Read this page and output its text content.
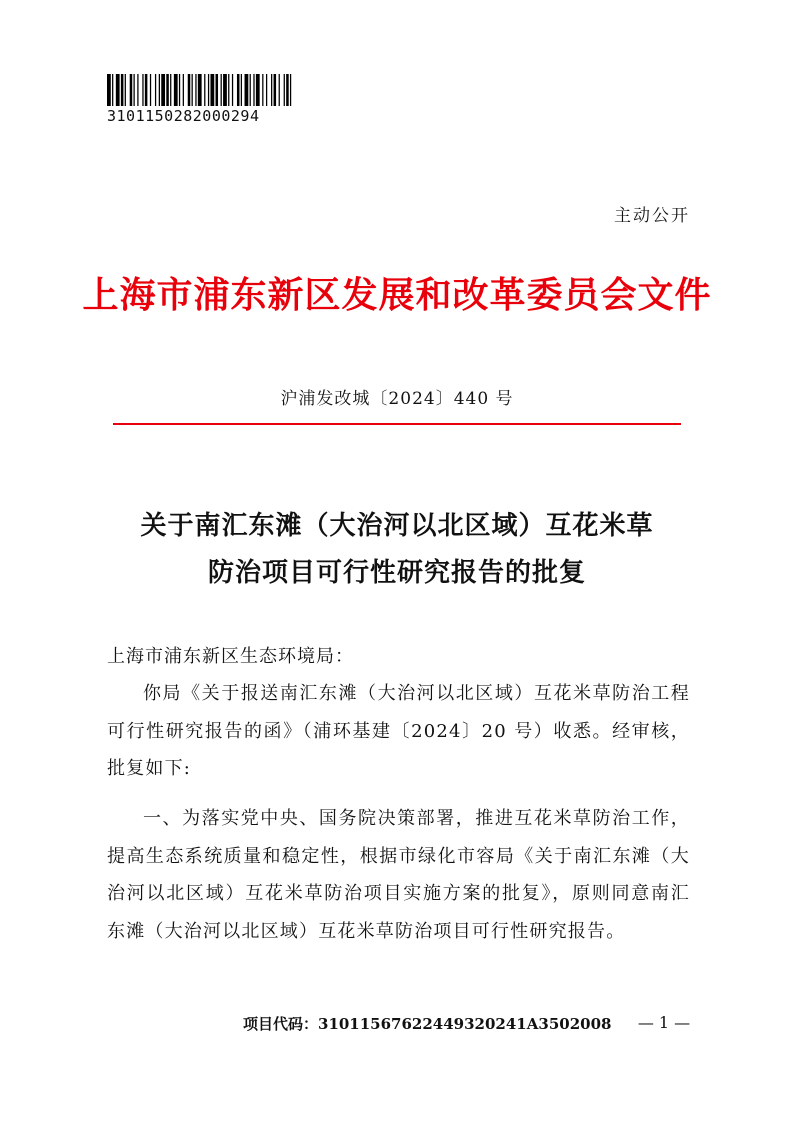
3101150282000294
主动公开
上海市浦东新区发展和改革委员会文件
沪浦发改城〔2024〕440 号
关于南汇东滩（大治河以北区域）互花米草
防治项目可行性研究报告的批复
上海市浦东新区生态环境局：

你局《关于报送南汇东滩（大治河以北区域）互花米草防治工程可行性研究报告的函》（浦环基建〔2024〕20 号）收悉。经审核，批复如下:

一、为落实党中央、国务院决策部署，推进互花米草防治工作，提高生态系统质量和稳定性，根据市绿化市容局《关于南汇东滩（大治河以北区域）互花米草防治项目实施方案的批复》，原则同意南汇东滩（大治河以北区域）互花米草防治项目可行性研究报告。

项目代码：31011567622449320241A3502008	— 1 —
